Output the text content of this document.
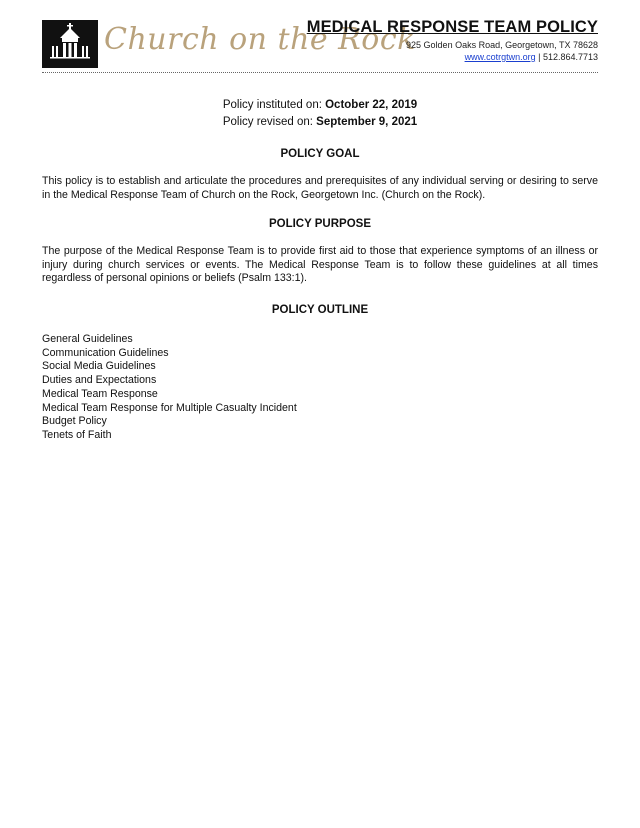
Church on the Rock
MEDICAL RESPONSE TEAM POLICY
925 Golden Oaks Road, Georgetown, TX 78628
www.cotrgtwn.org | 512.864.7713
Policy instituted on: October 22, 2019
Policy revised on: September 9, 2021
POLICY GOAL
This policy is to establish and articulate the procedures and prerequisites of any individual serving or desiring to serve in the Medical Response Team of Church on the Rock, Georgetown Inc. (Church on the Rock).
POLICY PURPOSE
The purpose of the Medical Response Team is to provide first aid to those that experience symptoms of an illness or injury during church services or events. The Medical Response Team is to follow these guidelines at all times regardless of personal opinions or beliefs (Psalm 133:1).
POLICY OUTLINE
General Guidelines
Communication Guidelines
Social Media Guidelines
Duties and Expectations
Medical Team Response
Medical Team Response for Multiple Casualty Incident
Budget Policy
Tenets of Faith
